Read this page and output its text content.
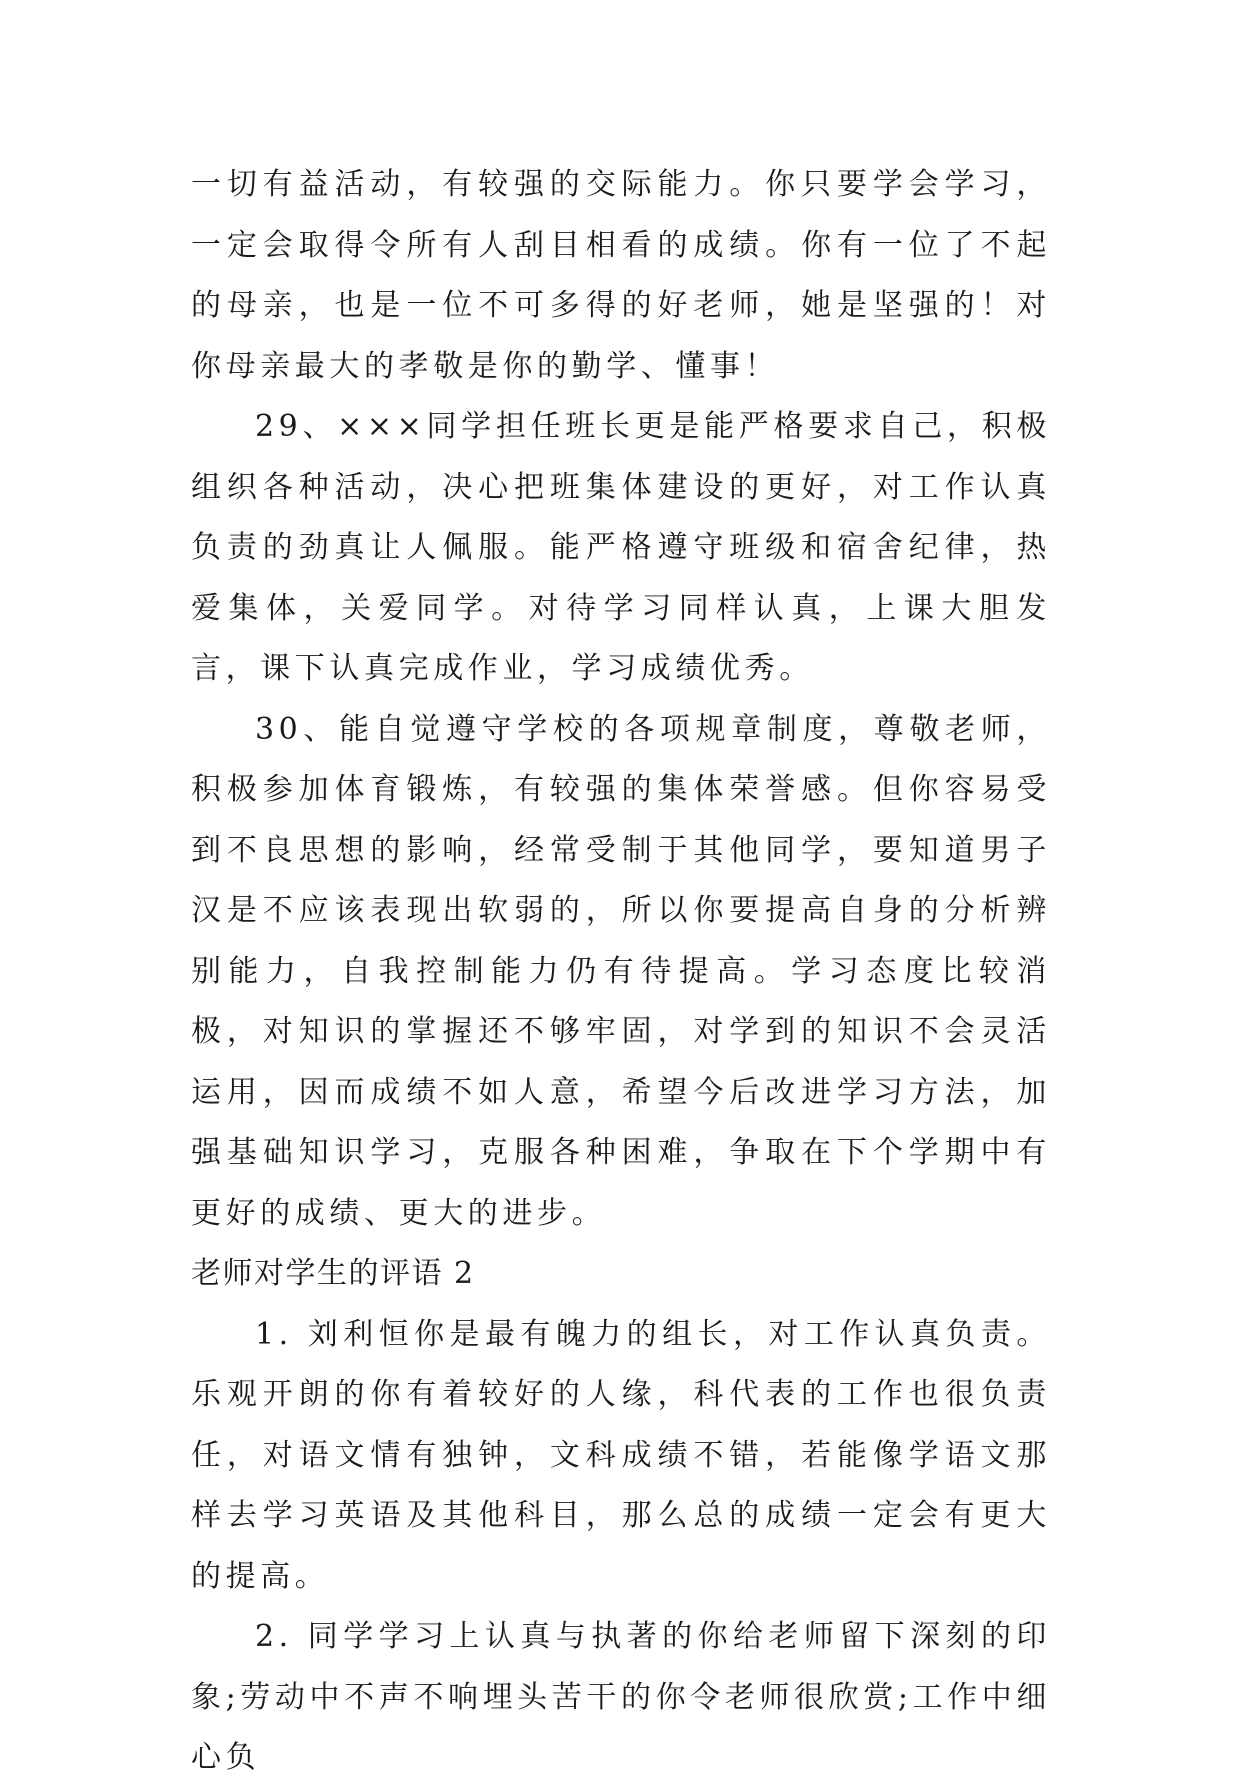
一切有益活动，有较强的交际能力。你只要学会学习，一定会取得令所有人刮目相看的成绩。你有一位了不起的母亲，也是一位不可多得的好老师，她是坚强的！对你母亲最大的孝敬是你的勤学、懂事！

29、×××同学担任班长更是能严格要求自己，积极组织各种活动，决心把班集体建设的更好，对工作认真负责的劲真让人佩服。能严格遵守班级和宿舍纪律，热爱集体，关爱同学。对待学习同样认真，上课大胆发言，课下认真完成作业，学习成绩优秀。

30、能自觉遵守学校的各项规章制度，尊敬老师，积极参加体育锻炼，有较强的集体荣誉感。但你容易受到不良思想的影响，经常受制于其他同学，要知道男子汉是不应该表现出软弱的，所以你要提高自身的分析辨别能力，自我控制能力仍有待提高。学习态度比较消极，对知识的掌握还不够牢固，对学到的知识不会灵活运用，因而成绩不如人意，希望今后改进学习方法，加强基础知识学习，克服各种困难，争取在下个学期中有更好的成绩、更大的进步。

老师对学生的评语 2

1. 刘利恒你是最有魄力的组长，对工作认真负责。乐观开朗的你有着较好的人缘，科代表的工作也很负责任，对语文情有独钟，文科成绩不错，若能像学语文那样去学习英语及其他科目，那么总的成绩一定会有更大的提高。

2. 同学学习上认真与执著的你给老师留下深刻的印象;劳动中不声不响埋头苦干的你令老师很欣赏;工作中细心负
